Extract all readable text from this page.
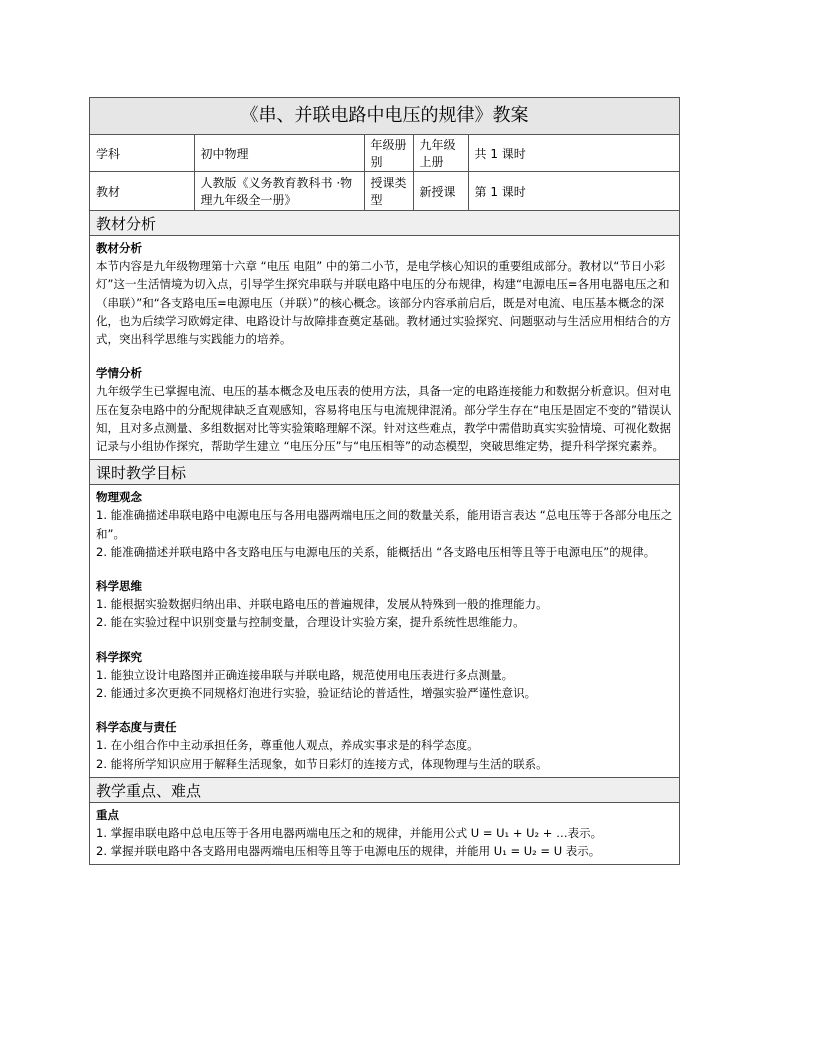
《串、并联电路中电压的规律》教案
学科	初中物理	年级册别	九年级上册	共 1 课时
教材	人教版《义务教育教科书 ·物理九年级全一册》	授课类型	新授课	第 1 课时
教材分析
教材分析

本节内容是九年级物理第十六章 “电压 电阻” 中的第二小节，是电学核心知识的重要组成部分。教材以“节日小彩灯”这一生活情境为切入点，引导学生探究串联与并联电路中电压的分布规律，构建“电源电压=各用电器电压之和（串联）”和“各支路电压=电源电压（并联）”的核心概念。该部分内容承前启后，既是对电流、电压基本概念的深化，也为后续学习欧姆定律、电路设计与故障排查奠定基础。教材通过实验探究、问题驱动与生活应用相结合的方式，突出科学思维与实践能力的培养。

学情分析

九年级学生已掌握电流、电压的基本概念及电压表的使用方法，具备一定的电路连接能力和数据分析意识。但对电压在复杂电路中的分配规律缺乏直观感知，容易将电压与电流规律混淆。部分学生存在“电压是固定不变的”错误认知，且对多点测量、多组数据对比等实验策略理解不深。针对这些难点，教学中需借助真实实验情境、可视化数据记录与小组协作探究，帮助学生建立 “电压分压”与“电压相等”的动态模型，突破思维定势，提升科学探究素养。

课时教学目标
物理观念

1. 能准确描述串联电路中电源电压与各用电器两端电压之间的数量关系，能用语言表达 “总电压等于各部分电压之和”。

2. 能准确描述并联电路中各支路电压与电源电压的关系，能概括出 “各支路电压相等且等于电源电压”的规律。

科学思维

1. 能根据实验数据归纳出串、并联电路电压的普遍规律，发展从特殊到一般的推理能力。

2. 能在实验过程中识别变量与控制变量，合理设计实验方案，提升系统性思维能力。

科学探究

1. 能独立设计电路图并正确连接串联与并联电路，规范使用电压表进行多点测量。

2. 能通过多次更换不同规格灯泡进行实验，验证结论的普适性，增强实验严谨性意识。

科学态度与责任

1. 在小组合作中主动承担任务，尊重他人观点，养成实事求是的科学态度。

2. 能将所学知识应用于解释生活现象，如节日彩灯的连接方式，体现物理与生活的联系。

教学重点、难点
重点

1. 掌握串联电路中总电压等于各用电器两端电压之和的规律，并能用公式 U = U₁ + U₂ + …表示。

2. 掌握并联电路中各支路用电器两端电压相等且等于电源电压的规律，并能用 U₁ = U₂ = U 表示。
